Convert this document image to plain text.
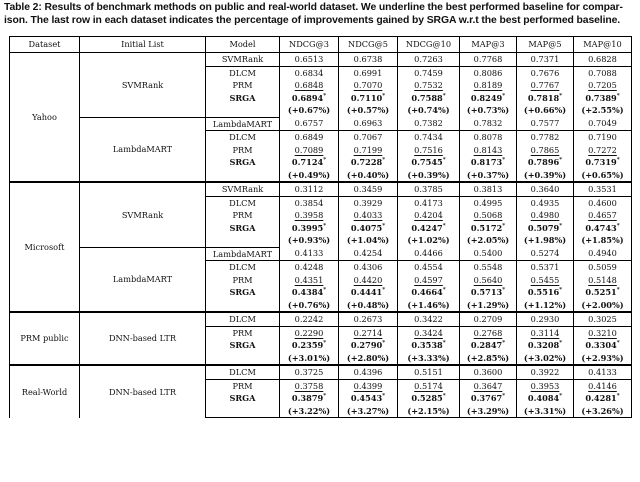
Table 2: Results of benchmark methods on public and real-world dataset. We underline the best performed baseline for compar-
ison. The last row in each dataset indicates the percentage of improvements gained by SRGA w.r.t the best performed baseline.
Dataset	Initial List	Model	NDCG@3	NDCG@5	NDCG@10	MAP@3	MAP@5	MAP@10
Yahoo	SVMRank	SVMRank	0.6513	0.6738	0.7263	0.7768	0.7371	0.6828
		DLCM	0.6834	0.6991	0.7459	0.8086	0.7676	0.7088
		PRM	0.6848	0.7070	0.7532	0.8189	0.7767	0.7205
		SRGA	0.6894*	0.7110*	0.7588*	0.8249*	0.7818*	0.7389*
			(+0.67%)	(+0.57%)	(+0.74%)	(+0.73%)	(+0.66%)	(+2.55%)
	LambdaMART	LambdaMART	0.6757	0.6963	0.7382	0.7832	0.7577	0.7049
		DLCM	0.6849	0.7067	0.7434	0.8078	0.7782	0.7190
		PRM	0.7089	0.7199	0.7516	0.8143	0.7865	0.7272
		SRGA	0.7124*	0.7228*	0.7545*	0.8173*	0.7896*	0.7319*
			(+0.49%)	(+0.40%)	(+0.39%)	(+0.37%)	(+0.39%)	(+0.65%)
Microsoft	SVMRank	SVMRank	0.3112	0.3459	0.3785	0.3813	0.3640	0.3531
		DLCM	0.3854	0.3929	0.4173	0.4995	0.4935	0.4600
		PRM	0.3958	0.4033	0.4204	0.5068	0.4980	0.4657
		SRGA	0.3995*	0.4075*	0.4247*	0.5172*	0.5079*	0.4743*
			(+0.93%)	(+1.04%)	(+1.02%)	(+2.05%)	(+1.98%)	(+1.85%)
	LambdaMART	LambdaMART	0.4133	0.4254	0.4466	0.5400	0.5274	0.4940
		DLCM	0.4248	0.4306	0.4554	0.5548	0.5371	0.5059
		PRM	0.4351	0.4420	0.4597	0.5640	0.5455	0.5148
		SRGA	0.4384*	0.4441*	0.4664*	0.5713*	0.5516*	0.5251*
			(+0.76%)	(+0.48%)	(+1.46%)	(+1.29%)	(+1.12%)	(+2.00%)
PRM public	DNN-based LTR	DLCM	0.2242	0.2673	0.3422	0.2709	0.2930	0.3025
		PRM	0.2290	0.2714	0.3424	0.2768	0.3114	0.3210
		SRGA	0.2359*	0.2790*	0.3538*	0.2847*	0.3208*	0.3304*
			(+3.01%)	(+2.80%)	(+3.33%)	(+2.85%)	(+3.02%)	(+2.93%)
Real-World	DNN-based LTR	DLCM	0.3725	0.4396	0.5151	0.3600	0.3922	0.4133
		PRM	0.3758	0.4399	0.5174	0.3647	0.3953	0.4146
		SRGA	0.3879*	0.4543*	0.5285*	0.3767*	0.4084*	0.4281*
			(+3.22%)	(+3.27%)	(+2.15%)	(+3.29%)	(+3.31%)	(+3.26%)
